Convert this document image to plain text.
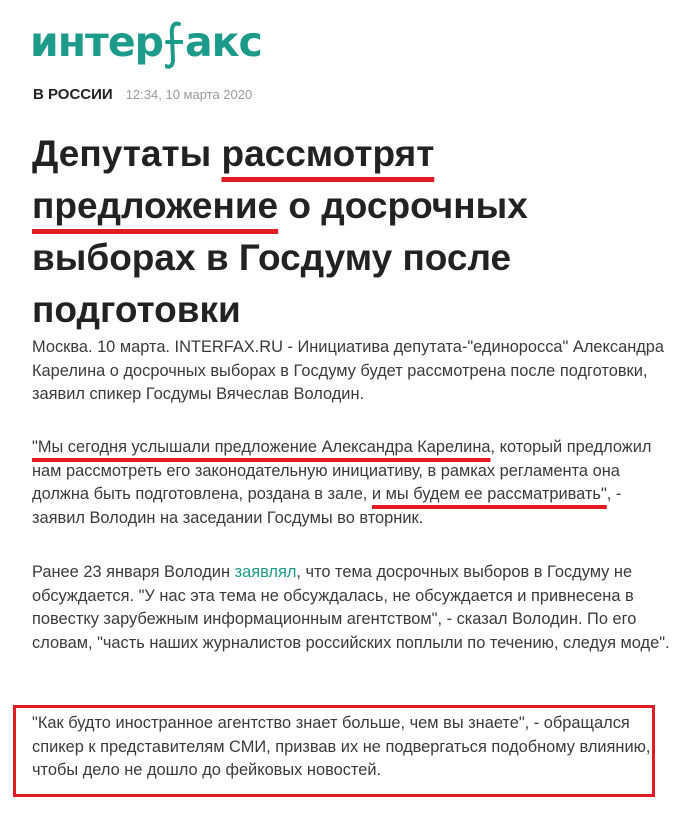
интер акс
В РОССИИ 12:34, 10 марта 2020
Депутаты рассмотрят предложение о досрочных выборах в Госдуму после подготовки

Москва. 10 марта. INTERFAX.RU - Инициатива депутата-"единоросса" Александра Карелина о досрочных выборах в Госдуму будет рассмотрена после подготовки, заявил спикер Госдумы Вячеслав Володин.

"Мы сегодня услышали предложение Александра Карелина, который предложил нам рассмотреть его законодательную инициативу, в рамках регламента она должна быть подготовлена, роздана в зале, и мы будем ее рассматривать", - заявил Володин на заседании Госдумы во вторник.

Ранее 23 января Володин заявлял, что тема досрочных выборов в Госдуму не обсуждается. "У нас эта тема не обсуждалась, не обсуждается и привнесена в повестку зарубежным информационным агентством", - сказал Володин. По его словам, "часть наших журналистов российских поплыли по течению, следуя моде".

"Как будто иностранное агентство знает больше, чем вы знаете", - обращался спикер к представителям СМИ, призвав их не подвергаться подобному влиянию, чтобы дело не дошло до фейковых новостей.
